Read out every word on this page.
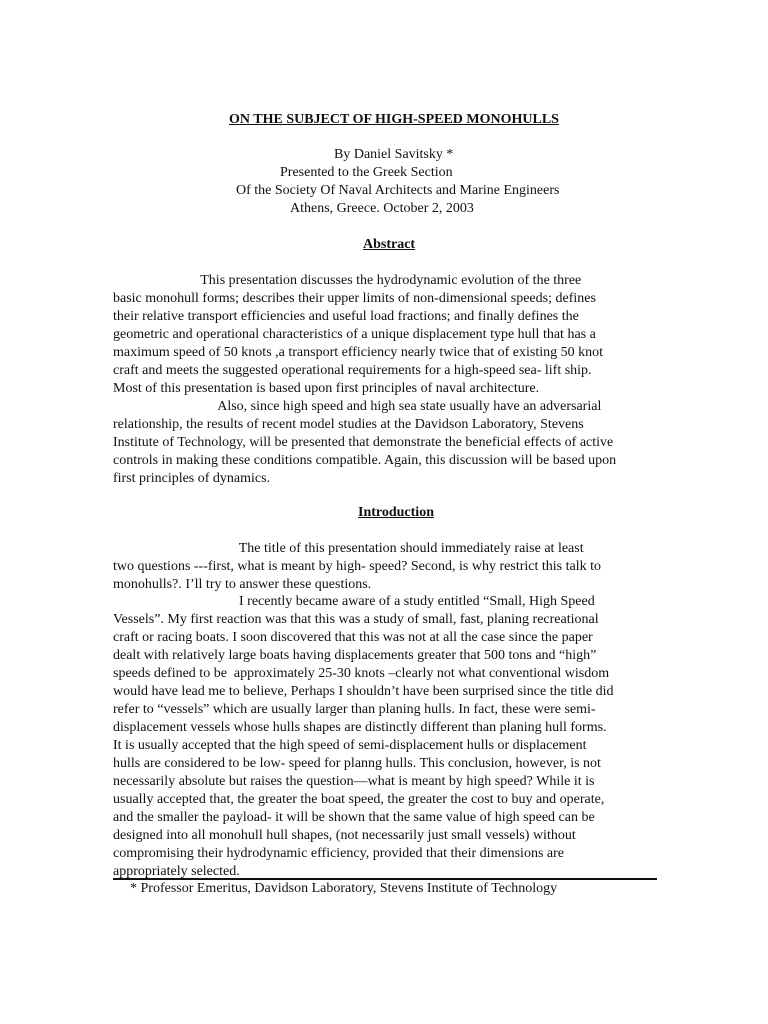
ON THE SUBJECT OF HIGH-SPEED MONOHULLS
By Daniel Savitsky *
Presented to the Greek Section
Of the Society Of Naval Architects and Marine Engineers
Athens, Greece. October 2, 2003
Abstract
This presentation discusses the hydrodynamic evolution of the three
basic monohull forms; describes their upper limits of non-dimensional speeds; defines
their relative transport efficiencies and useful load fractions; and finally defines the
geometric and operational characteristics of a unique displacement type hull that has a
maximum speed of 50 knots ,a transport efficiency nearly twice that of existing 50 knot
craft and meets the suggested operational requirements for a high-speed sea- lift ship.
Most of this presentation is based upon first principles of naval architecture.
Also, since high speed and high sea state usually have an adversarial
relationship, the results of recent model studies at the Davidson Laboratory, Stevens
Institute of Technology, will be presented that demonstrate the beneficial effects of active
controls in making these conditions compatible. Again, this discussion will be based upon
first principles of dynamics.
Introduction
The title of this presentation should immediately raise at least
two questions ---first, what is meant by high- speed? Second, is why restrict this talk to
monohulls?. I’ll try to answer these questions.
I recently became aware of a study entitled “Small, High Speed
Vessels”. My first reaction was that this was a study of small, fast, planing recreational
craft or racing boats. I soon discovered that this was not at all the case since the paper
dealt with relatively large boats having displacements greater that 500 tons and “high”
speeds defined to be  approximately 25-30 knots –clearly not what conventional wisdom
would have lead me to believe, Perhaps I shouldn’t have been surprised since the title did
refer to “vessels” which are usually larger than planing hulls. In fact, these were semi-
displacement vessels whose hulls shapes are distinctly different than planing hull forms.
It is usually accepted that the high speed of semi-displacement hulls or displacement
hulls are considered to be low- speed for planng hulls. This conclusion, however, is not
necessarily absolute but raises the question—what is meant by high speed? While it is
usually accepted that, the greater the boat speed, the greater the cost to buy and operate,
and the smaller the payload- it will be shown that the same value of high speed can be
designed into all monohull hull shapes, (not necessarily just small vessels) without
compromising their hydrodynamic efficiency, provided that their dimensions are
appropriately selected.
* Professor Emeritus, Davidson Laboratory, Stevens Institute of Technology
